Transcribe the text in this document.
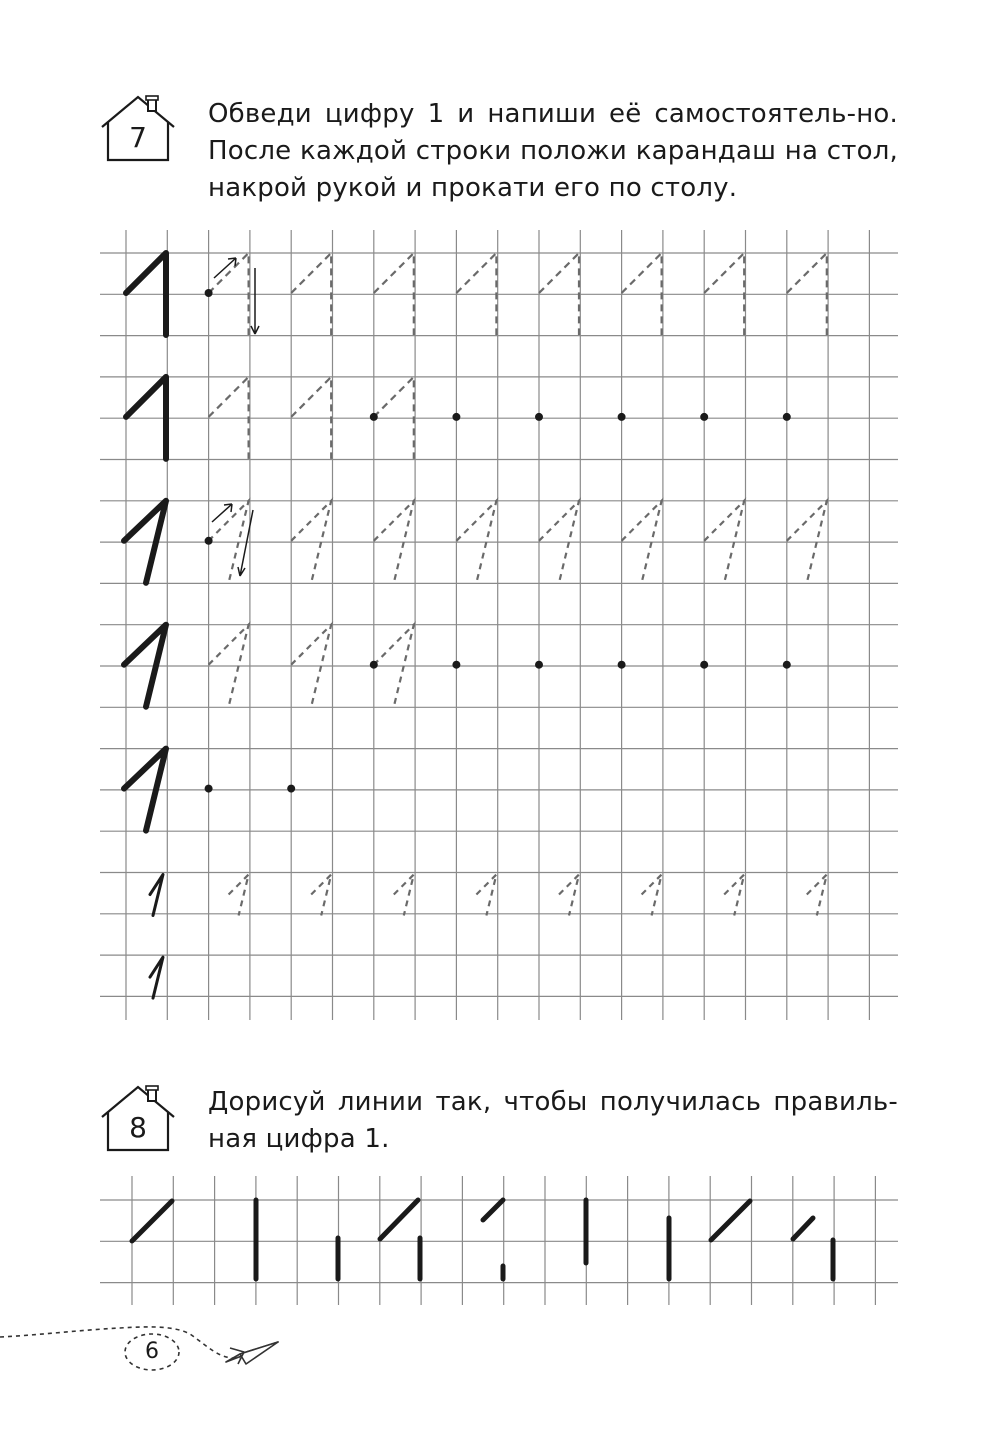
7
Обведи цифру 1 и напиши её самостоятель-но. После каждой строки положи карандаш на стол, накрой рукой и прокати его по столу.
8
Дорисуй линии так, чтобы получилась правиль-ная цифра 1.
6
